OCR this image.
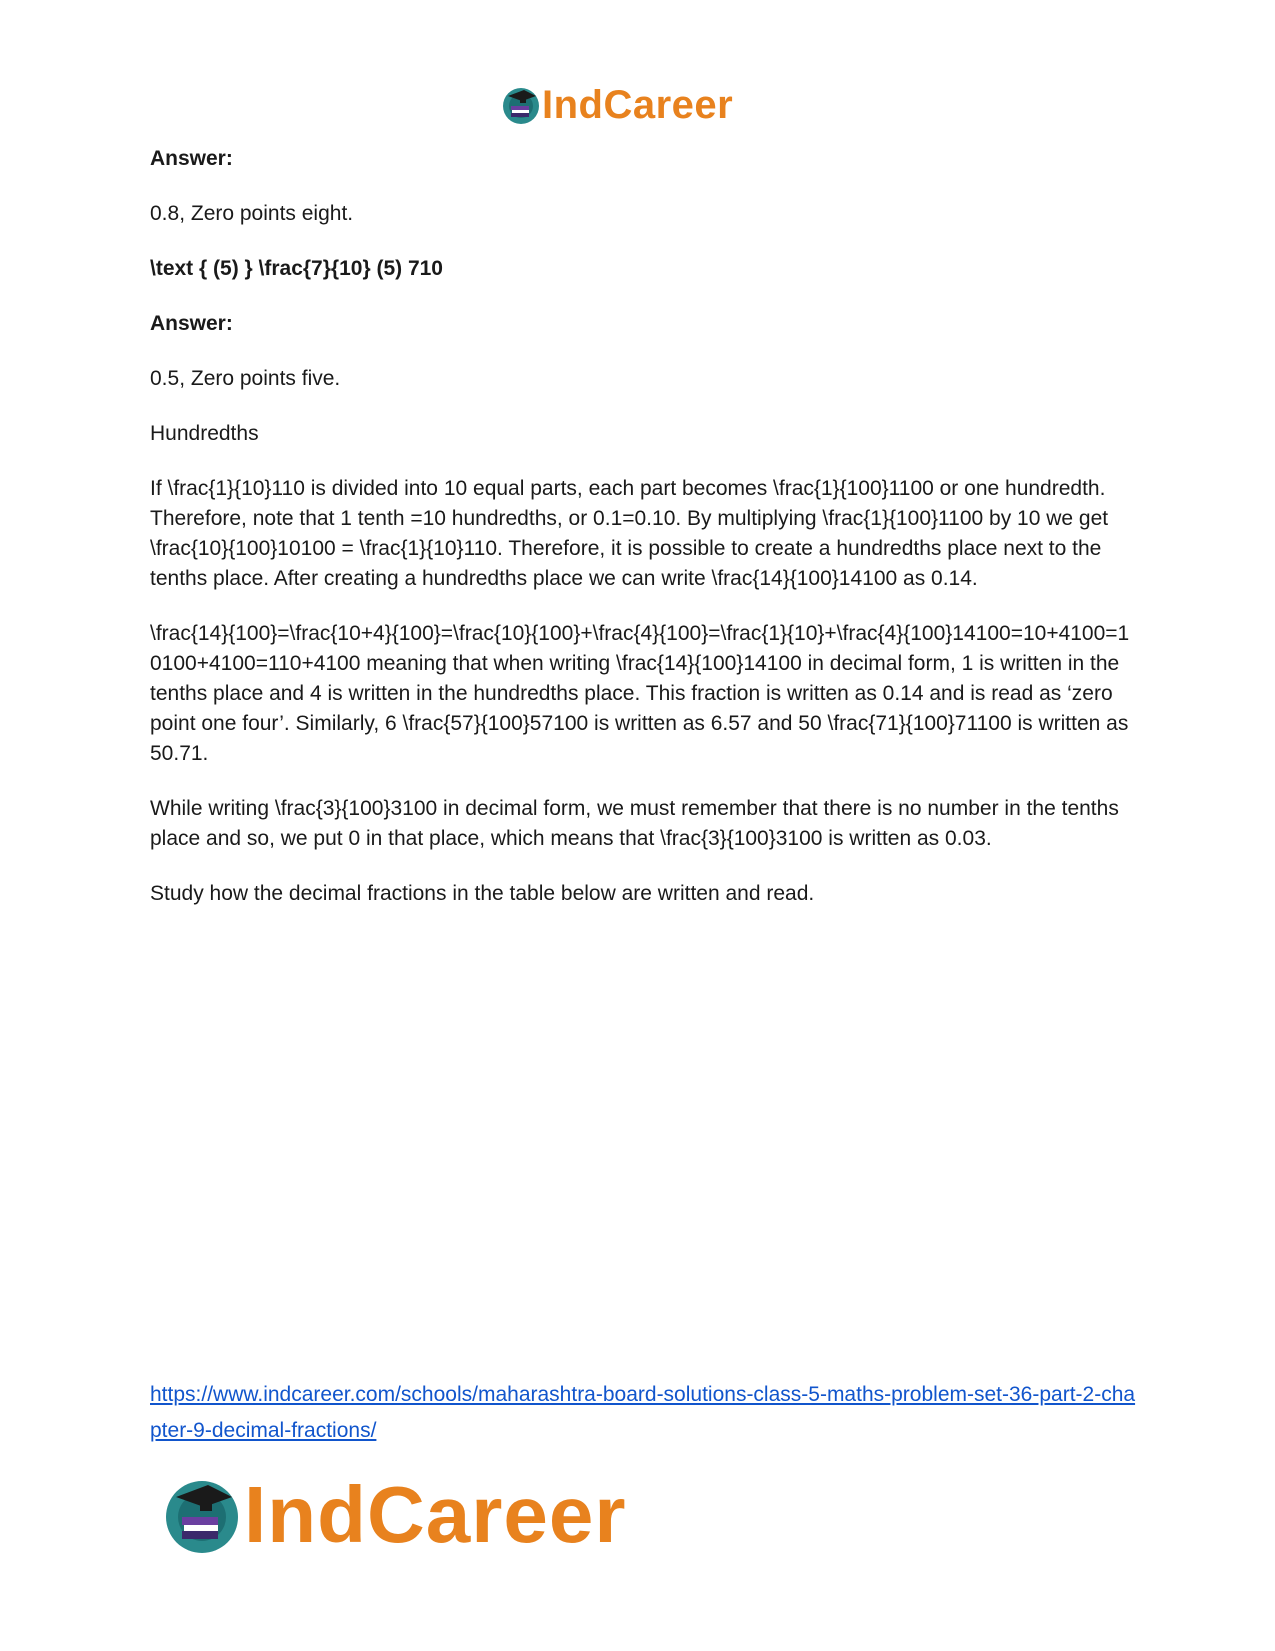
IndCareer

Answer:

0.8, Zero points eight.

\text { (5) } \frac{7}{10} (5) 710

Answer:

0.5, Zero points five.

Hundredths

If \frac{1}{10}110 is divided into 10 equal parts, each part becomes \frac{1}{100}1100 or one hundredth. Therefore, note that 1 tenth =10 hundredths, or 0.1=0.10. By multiplying \frac{1}{100}1100 by 10 we get \frac{10}{100}10100 = \frac{1}{10}110. Therefore, it is possible to create a hundredths place next to the tenths place. After creating a hundredths place we can write \frac{14}{100}14100 as 0.14.

\frac{14}{100}=\frac{10+4}{100}=\frac{10}{100}+\frac{4}{100}=\frac{1}{10}+\frac{4}{100}14100=10+4100=10100+4100=110+4100 meaning that when writing \frac{14}{100}14100 in decimal form, 1 is written in the tenths place and 4 is written in the hundredths place. This fraction is written as 0.14 and is read as ‘zero point one four’. Similarly, 6 \frac{57}{100}57100 is written as 6.57 and 50 \frac{71}{100}71100 is written as 50.71.

While writing \frac{3}{100}3100 in decimal form, we must remember that there is no number in the tenths place and so, we put 0 in that place, which means that \frac{3}{100}3100 is written as 0.03.

Study how the decimal fractions in the table below are written and read.

https://www.indcareer.com/schools/maharashtra-board-solutions-class-5-maths-problem-set-36-part-2-chapter-9-decimal-fractions/
IndCareer
